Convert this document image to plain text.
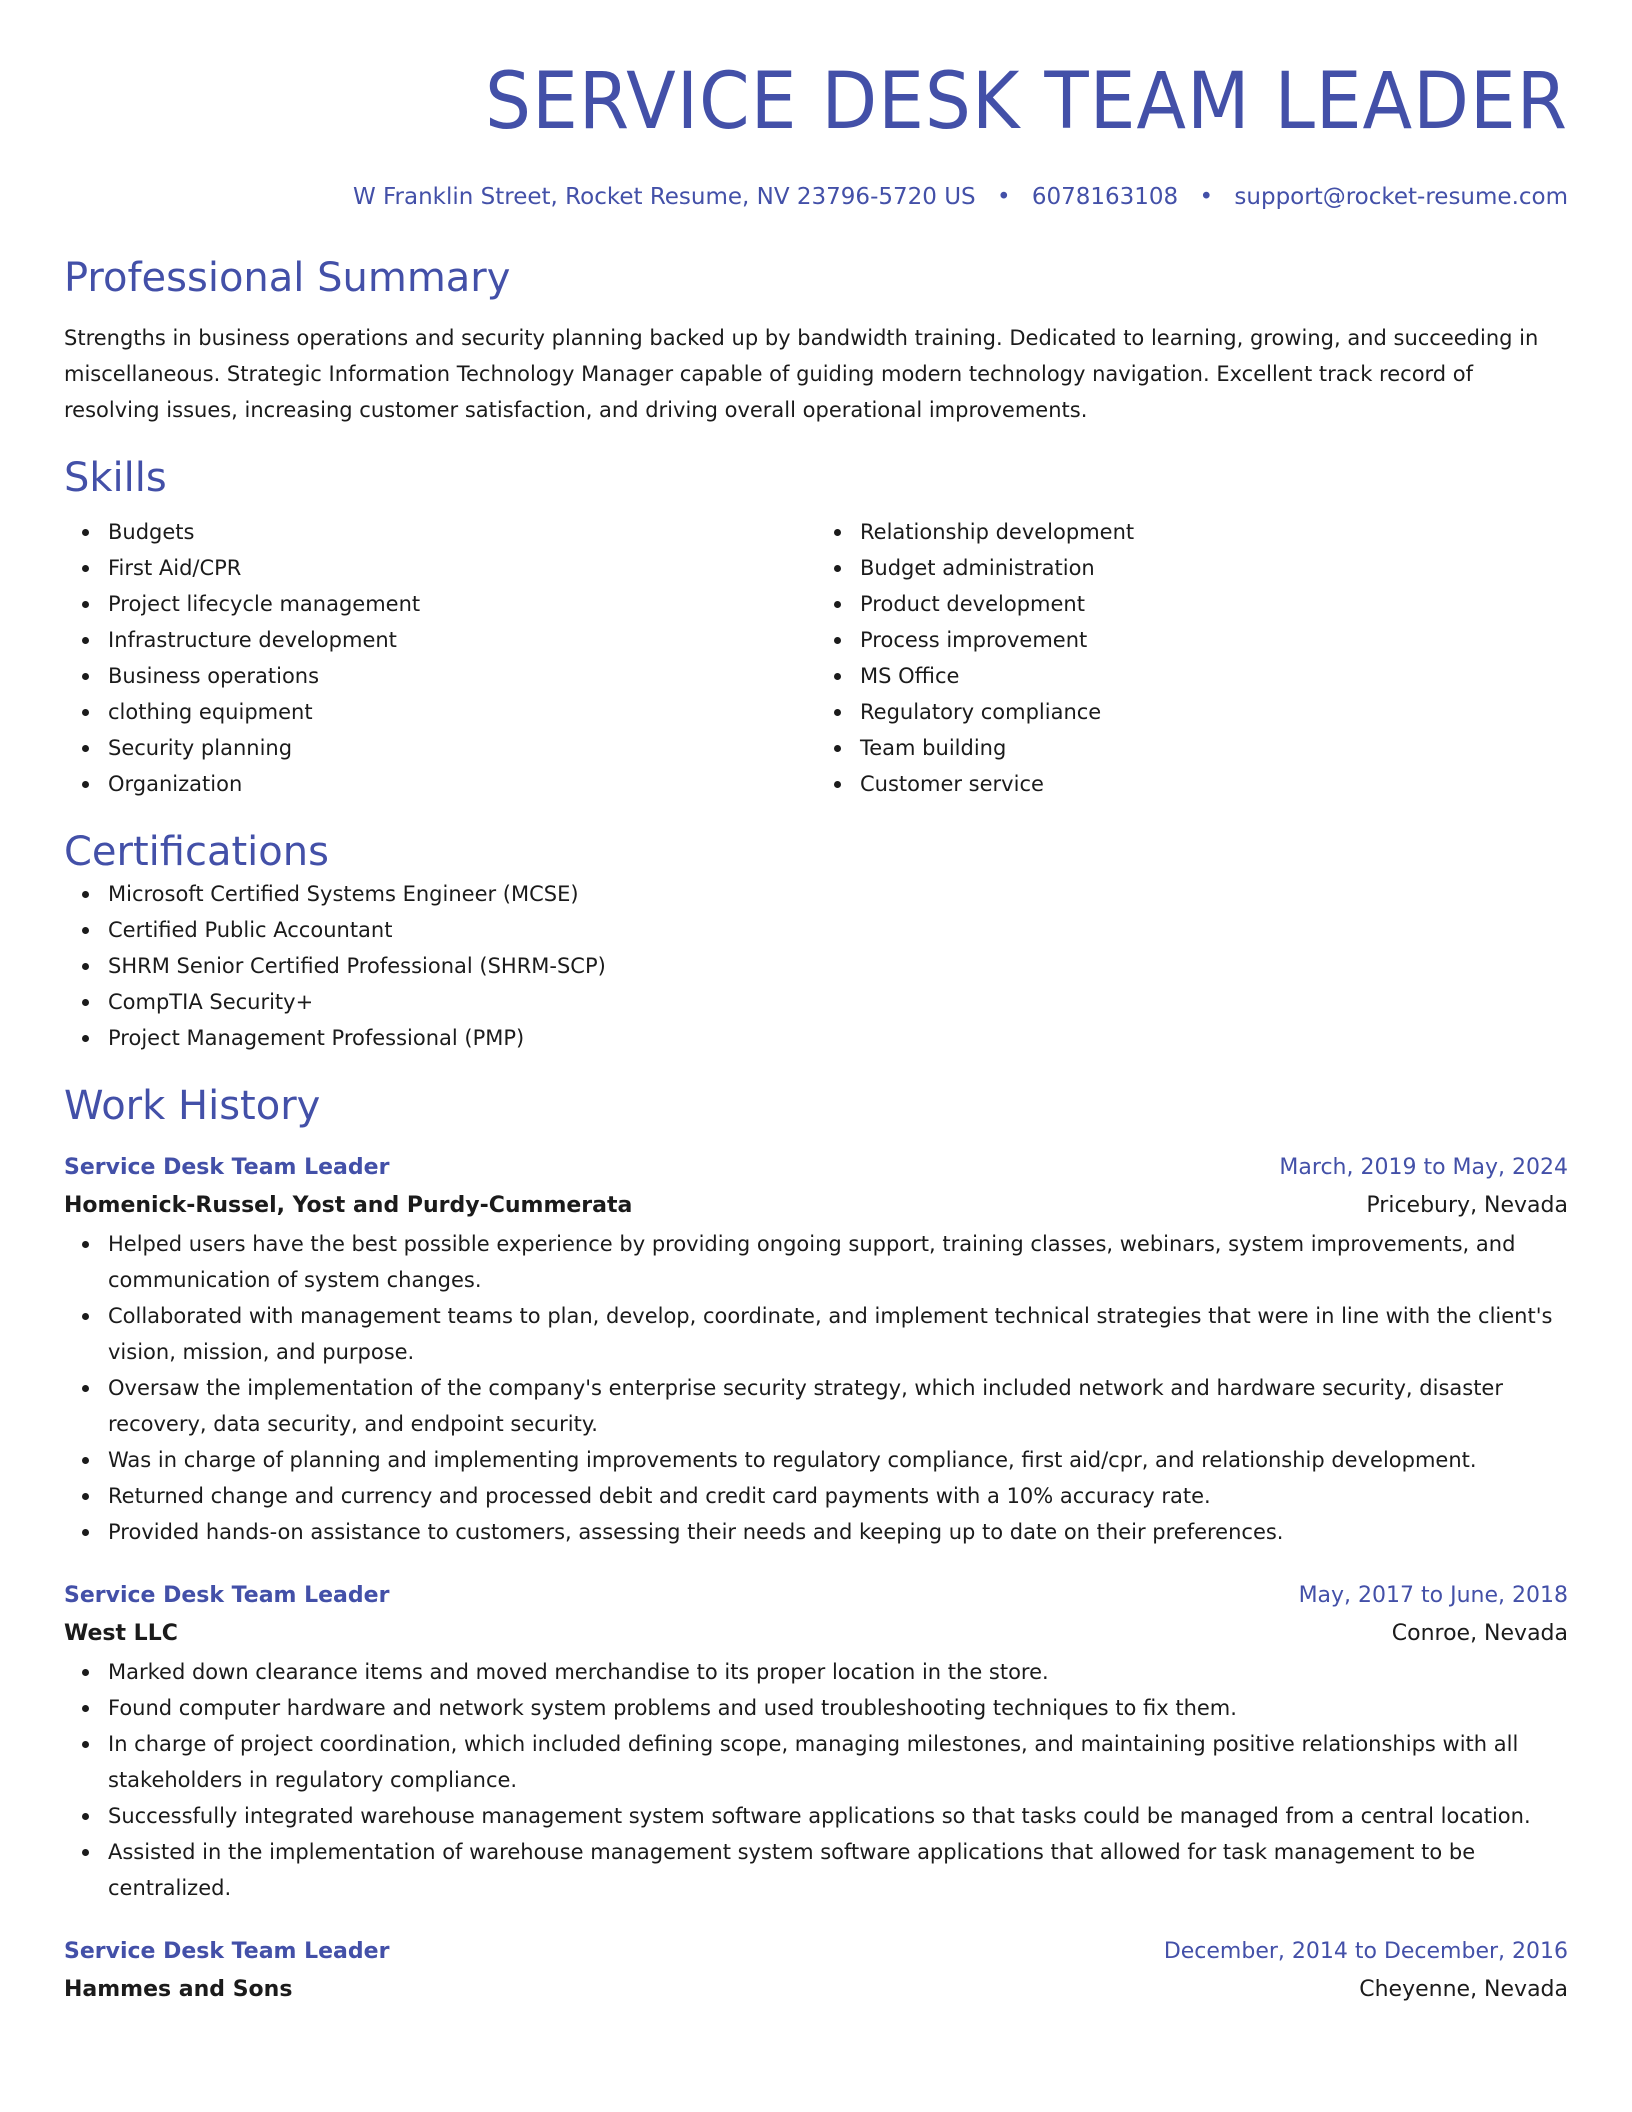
SERVICE DESK TEAM LEADER
W Franklin Street, Rocket Resume, NV 23796-5720 US • 6078163108 • support@rocket-resume.com
Professional Summary

Strengths in business operations and security planning backed up by bandwidth training. Dedicated to learning, growing, and succeeding in miscellaneous. Strategic Information Technology Manager capable of guiding modern technology navigation. Excellent track record of resolving issues, increasing customer satisfaction, and driving overall operational improvements.

Skills
Budgets
First Aid/CPR
Project lifecycle management
Infrastructure development
Business operations
clothing equipment
Security planning
Organization
Relationship development
Budget administration
Product development
Process improvement
MS Office
Regulatory compliance
Team building
Customer service
Certifications
Microsoft Certified Systems Engineer (MCSE)
Certified Public Accountant
SHRM Senior Certified Professional (SHRM-SCP)
CompTIA Security+
Project Management Professional (PMP)
Work History
Service Desk Team Leader	March, 2019 to May, 2024
Homenick-Russel, Yost and Purdy-Cummerata	Pricebury, Nevada
Helped users have the best possible experience by providing ongoing support, training classes, webinars, system improvements, and communication of system changes.
Collaborated with management teams to plan, develop, coordinate, and implement technical strategies that were in line with the client's vision, mission, and purpose.
Oversaw the implementation of the company's enterprise security strategy, which included network and hardware security, disaster recovery, data security, and endpoint security.
Was in charge of planning and implementing improvements to regulatory compliance, first aid/cpr, and relationship development.
Returned change and currency and processed debit and credit card payments with a 10% accuracy rate.
Provided hands-on assistance to customers, assessing their needs and keeping up to date on their preferences.
Service Desk Team Leader	May, 2017 to June, 2018
West LLC	Conroe, Nevada
Marked down clearance items and moved merchandise to its proper location in the store.
Found computer hardware and network system problems and used troubleshooting techniques to fix them.
In charge of project coordination, which included defining scope, managing milestones, and maintaining positive relationships with all stakeholders in regulatory compliance.
Successfully integrated warehouse management system software applications so that tasks could be managed from a central location.
Assisted in the implementation of warehouse management system software applications that allowed for task management to be centralized.
Service Desk Team Leader	December, 2014 to December, 2016
Hammes and Sons	Cheyenne, Nevada
